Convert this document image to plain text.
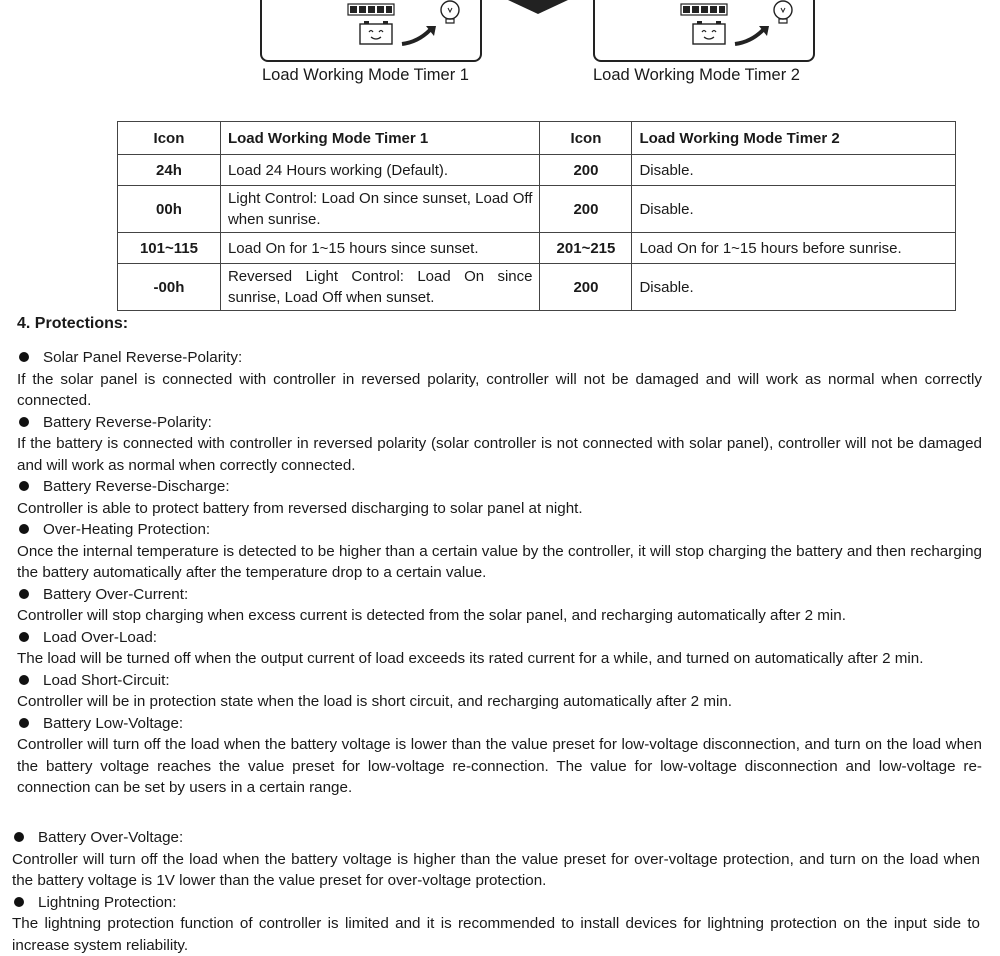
Load Working Mode Timer 1	Load Working Mode Timer 2
Icon	Load Working Mode Timer 1	Icon	Load Working Mode Timer 2
24h	Load 24 Hours working (Default).	200	Disable.
00h	Light Control: Load On since sunset, Load Off when sunrise.	200	Disable.
101~115	Load On for 1~15 hours since sunset.	201~215	Load On for 1~15 hours before sunrise.
-00h	Reversed Light Control: Load On since sunrise, Load Off when sunset.	200	Disable.
4. Protections:

Solar Panel Reverse-Polarity:

If the solar panel is connected with controller in reversed polarity, controller will not be damaged and will work as normal when correctly connected.

Battery Reverse-Polarity:

If the battery is connected with controller in reversed polarity (solar controller is not connected with solar panel), controller will not be damaged and will work as normal when correctly connected.

Battery Reverse-Discharge:

Controller is able to protect battery from reversed discharging to solar panel at night.

Over-Heating Protection:

Once the internal temperature is detected to be higher than a certain value by the controller, it will stop charging the battery and then recharging the battery automatically after the temperature drop to a certain value.

Battery Over-Current:

Controller will stop charging when excess current is detected from the solar panel, and recharging automatically after 2 min.

Load Over-Load:

The load will be turned off when the output current of load exceeds its rated current for a while, and turned on automatically after 2 min.

Load Short-Circuit:

Controller will be in protection state when the load is short circuit, and recharging automatically after 2 min.

Battery Low-Voltage:

Controller will turn off the load when the battery voltage is lower than the value preset for low-voltage disconnection, and turn on the load when the battery voltage reaches the value preset for low-voltage re-connection. The value for low-voltage disconnection and low-voltage re-connection can be set by users in a certain range.

Battery Over-Voltage:

Controller will turn off the load when the battery voltage is higher than the value preset for over-voltage protection, and turn on the load when the battery voltage is 1V lower than the value preset for over-voltage protection.

Lightning Protection:

The lightning protection function of controller is limited and it is recommended to install devices for lightning protection on the input side to increase system reliability.
